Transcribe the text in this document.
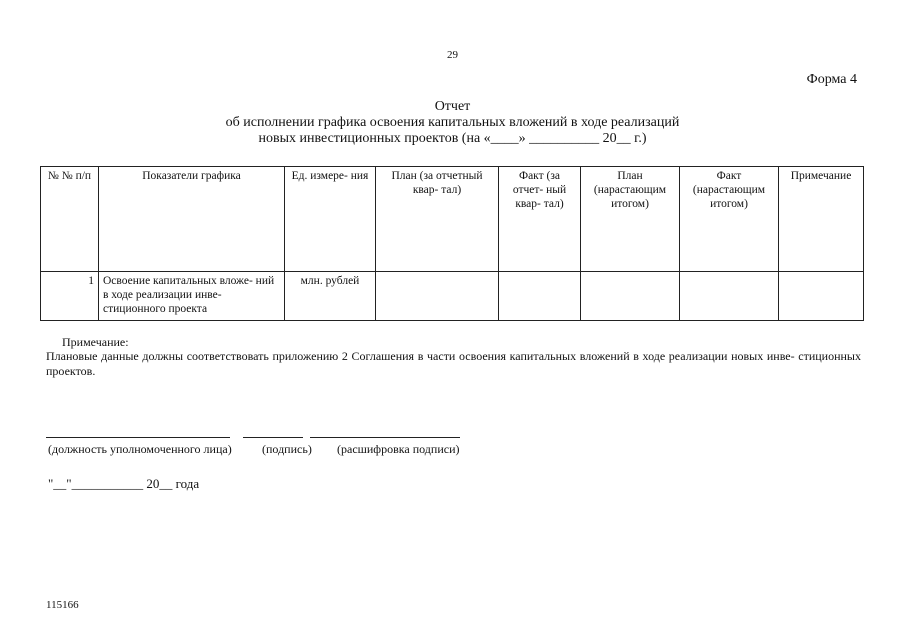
29
Форма 4
Отчет
об исполнении графика освоения капитальных вложений в ходе реализаций
новых инвестиционных проектов (на «____» __________ 20__ г.)
№ № п/п	Показатели графика	Ед. измере- ния	План (за отчетный квар- тал)	Факт (за отчет- ный квар- тал)	План (нарастающим итогом)	Факт (нарастающим итогом)	Примечание
1	Освоение капитальных вложе- ний в ходе реализации инве- стиционного проекта	млн. рублей					
Примечание:
Плановые данные должны соответствовать приложению 2 Соглашения в части освоения капитальных вложений в ходе реализации новых инве- стиционных проектов.
(должность уполномоченного лица)	(подпись) (расшифровка подписи)
"__"___________ 20__ года
115166
